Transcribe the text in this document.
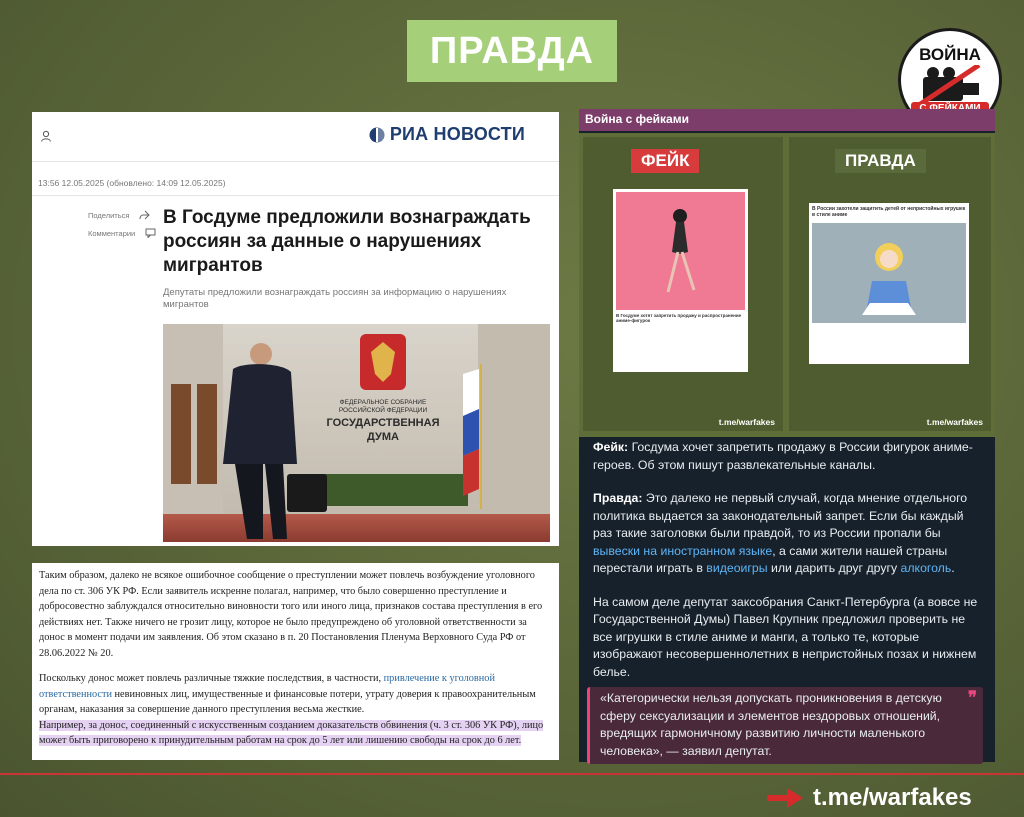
ПРАВДА	ВОЙНА
РИА НОВОСТИ
13:56 12.05.2025 (обновлено: 14:09 12.05.2025)
Поделиться
Комментарии
В Госдуме предложили вознаграждать россиян за данные о нарушениях мигрантов
Депутаты предложили вознаграждать россиян за информацию о нарушениях мигрантов
ФЕДЕРАЛЬНОЕ СОБРАНИЕ
РОССИЙСКОЙ ФЕДЕРАЦИИ
ГОСУДАРСТВЕННАЯ
ДУМА

Таким образом, далеко не всякое ошибочное сообщение о преступлении может повлечь возбуждение уголовного дела по ст. 306 УК РФ. Если заявитель искренне полагал, например, что было совершенно преступление и добросовестно заблуждался относительно виновности того или иного лица, признаков состава преступления в его действиях нет. Также ничего не грозит лицу, которое не было предупреждено об уголовной ответственности за донос в момент подачи им заявления. Об этом сказано в п. 20 Постановления Пленума Верховного Суда РФ от 28.06.2022 № 20.

Поскольку донос может повлечь различные тяжкие последствия, в частности, привлечение к уголовной ответственности невиновных лиц, имущественные и финансовые потери, утрату доверия к правоохранительным органам, наказания за совершение данного преступления весьма жесткие.
Например, за донос, соединенный с искусственным созданием доказательств обвинения (ч. 3 ст. 306 УК РФ), лицо может быть приговорено к принудительным работам на срок до 5 лет или лишению свободы на срок до 6 лет.

Война с фейками
ФЕЙК
В Госдуме хотят запретить продажу и распространение аниме-фигурок
t.me/warfakes
ПРАВДА
В России захотели защитить детей от непристойных игрушек в стиле аниме
t.me/warfakes

Фейк: Госдума хочет запретить продажу в России фигурок аниме-героев. Об этом пишут развлекательные каналы.

Правда: Это далеко не первый случай, когда мнение отдельного политика выдается за законодательный запрет. Если бы каждый раз такие заголовки были правдой, то из России пропали бы вывески на иностранном языке, а сами жители нашей страны перестали играть в видеоигры или дарить друг другу алкоголь.

На самом деле депутат заксобрания Санкт-Петербурга (а вовсе не Государственной Думы) Павел Крупник предложил проверить не все игрушки в стиле аниме и манги, а только те, которые изображают несовершеннолетних в непристойных позах и нижнем белье.

❞
«Категорически нельзя допускать проникновения в детскую сферу сексуализации и элементов нездоровых отношений, вредящих гармоничному развитию личности маленького человека», — заявил депутат.
t.me/warfakes
